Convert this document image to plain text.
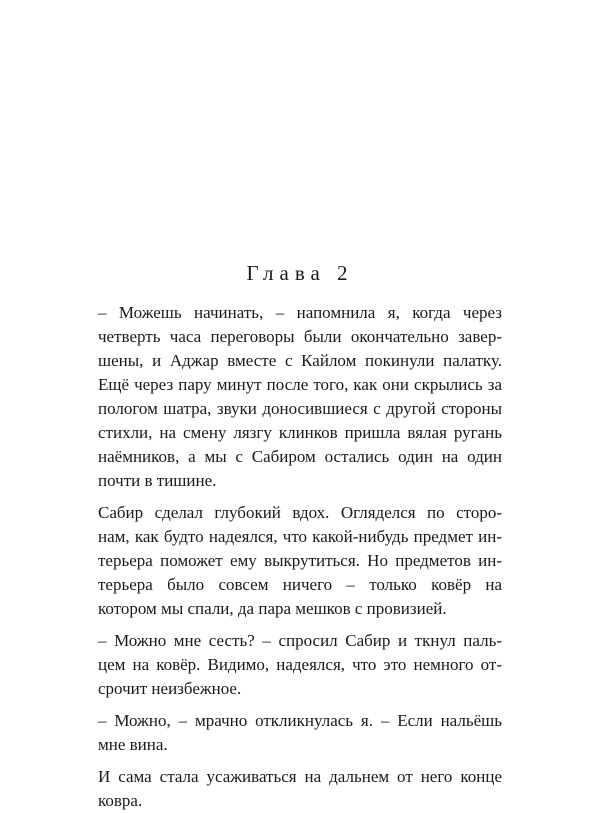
Глава 2
– Можешь начинать, – напомнила я, когда через
четверть часа переговоры были окончательно завер-
шены, и Аджар вместе с Кайлом покинули палатку.
Ещё через пару минут после того, как они скрылись за
пологом шатра, звуки доносившиеся с другой стороны
стихли, на смену лязгу клинков пришла вялая ругань
наёмников, а мы с Сабиром остались один на один
почти в тишине.
Сабир сделал глубокий вдох. Огляделся по сторо-
нам, как будто надеялся, что какой-нибудь предмет ин-
терьера поможет ему выкрутиться. Но предметов ин-
терьера было совсем ничего – только ковёр на
котором мы спали, да пара мешков с провизией.
– Можно мне сесть? – спросил Сабир и ткнул паль-
цем на ковёр. Видимо, надеялся, что это немного от-
срочит неизбежное.
– Можно, – мрачно откликнулась я. – Если нальёшь
мне вина.
И сама стала усаживаться на дальнем от него конце
ковра.
